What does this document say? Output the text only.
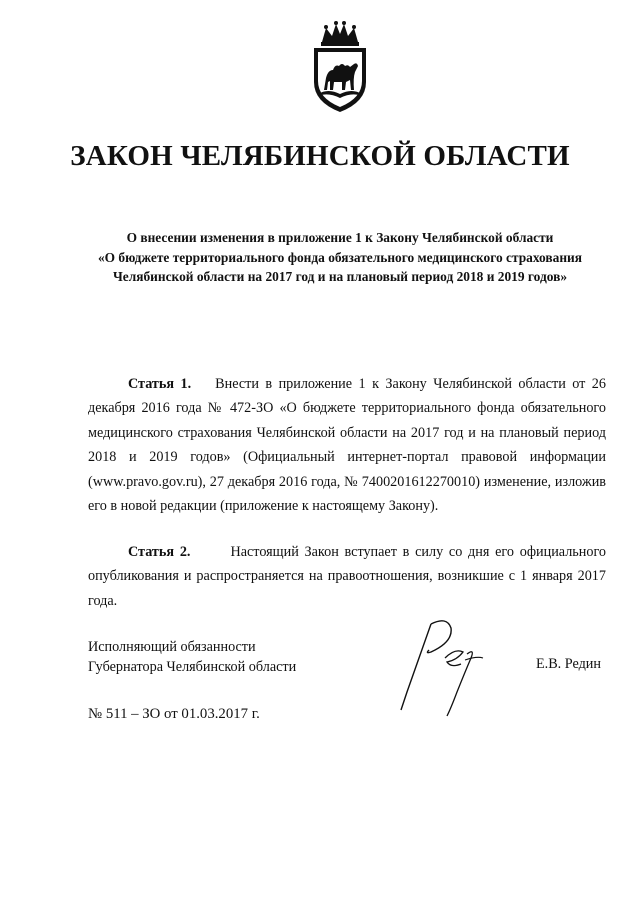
ЗАКОН ЧЕЛЯБИНСКОЙ ОБЛАСТИ
О внесении изменения в приложение 1 к Закону Челябинской области
«О бюджете территориального фонда обязательного медицинского страхования
Челябинской области на 2017 год и на плановый период 2018 и 2019 годов»
Статья 1. Внести в приложение 1 к Закону Челябинской области от 26 декабря 2016 года № 472-ЗО «О бюджете территориального фонда обязательного медицинского страхования Челябинской области на 2017 год и на плановый период 2018 и 2019 годов» (Официальный интернет-портал правовой информации (www.pravo.gov.ru), 27 декабря 2016 года, № 7400201612270010) изменение, изложив его в новой редакции (приложение к настоящему Закону).
Статья 2.	Настоящий Закон вступает в силу со дня его официального опубликования и распространяется на правоотношения, возникшие с 1 января 2017 года.
Исполняющий обязанности
Губернатора Челябинской области	Е.В. Редин
№ 511 – ЗО от 01.03.2017 г.
